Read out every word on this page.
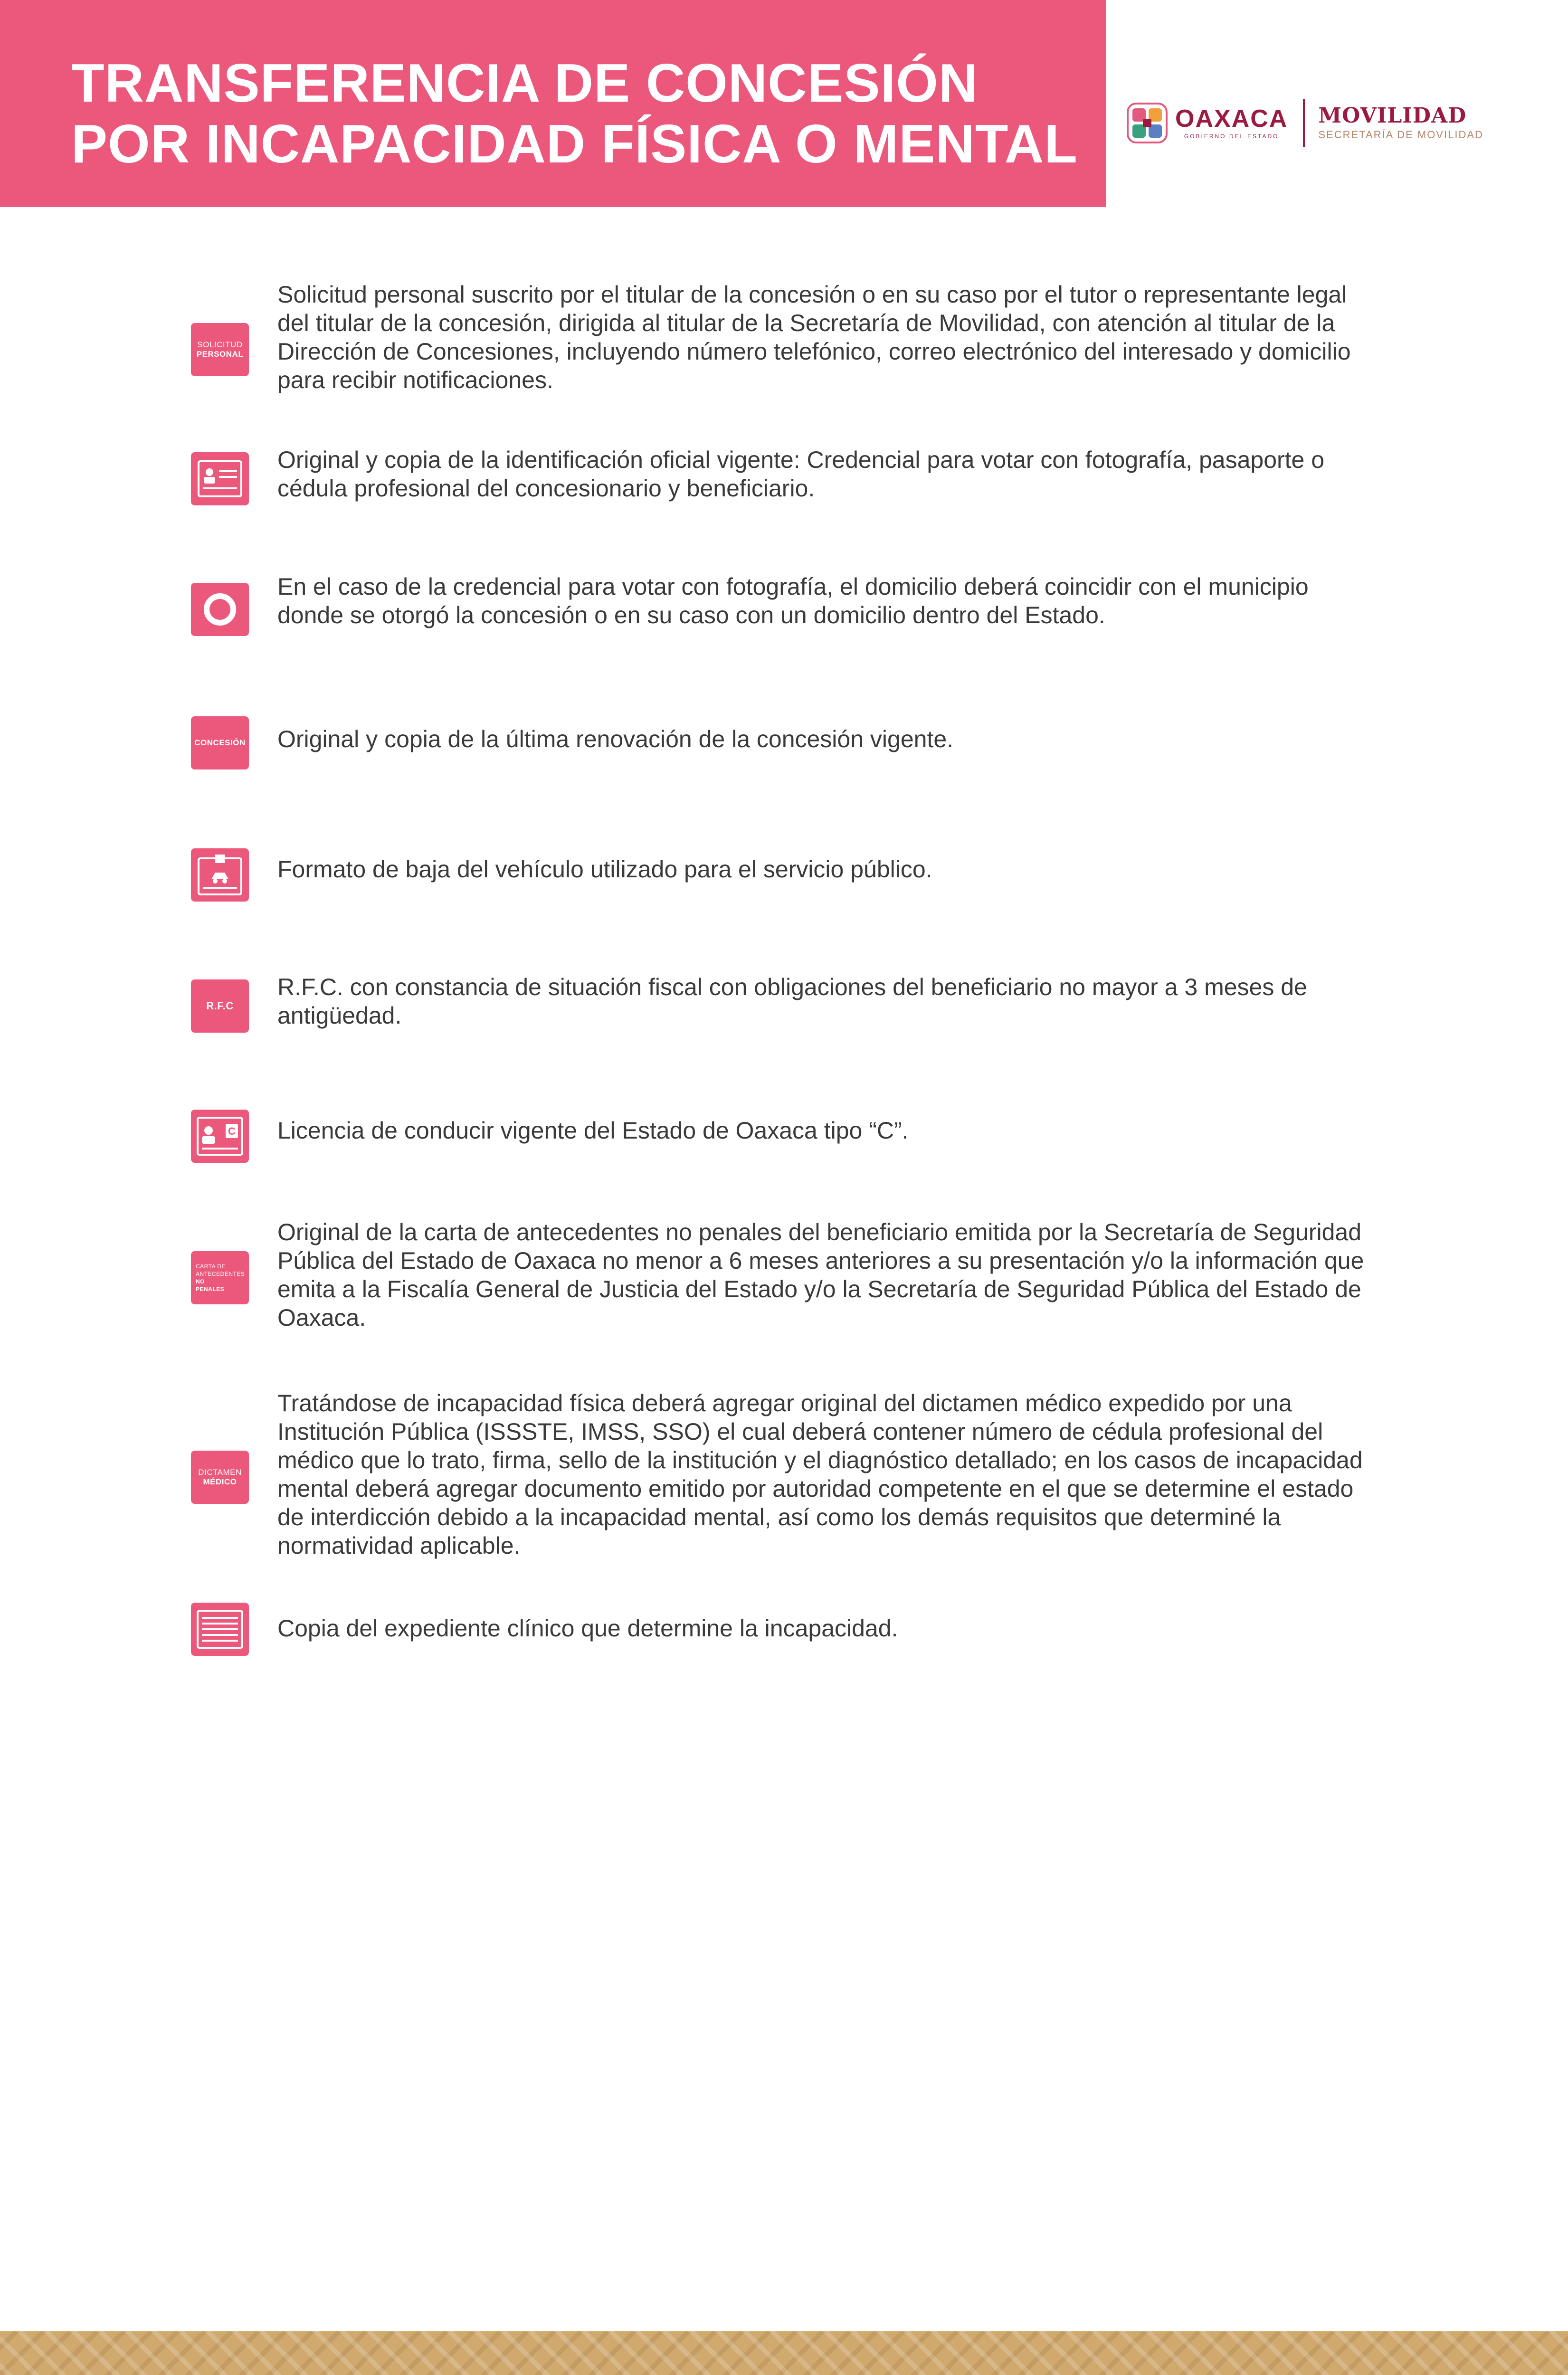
TRANSFERENCIA DE CONCESIÓN
POR INCAPACIDAD FÍSICA O MENTAL	OAXACA
GOBIERNO DEL ESTADO
MOVILIDAD
SECRETARÍA DE MOVILIDAD
SOLICITUD
PERSONAL

Solicitud personal suscrito por el titular de la concesión o en su caso por el tutor o representante legal del titular de la concesión, dirigida al titular de la Secretaría de Movilidad, con atención al titular de la Dirección de Concesiones, incluyendo número telefónico, correo electrónico del interesado y domicilio para recibir notificaciones.

Original y copia de la identificación oficial vigente: Credencial para votar con fotografía, pasaporte o cédula profesional del concesionario y beneficiario.

En el caso de la credencial para votar con fotografía, el domicilio deberá coincidir con el municipio donde se otorgó la concesión o en su caso con un domicilio dentro del Estado.

CONCESIÓN Original y copia de la última renovación de la concesión vigente.

Formato de baja del vehículo utilizado para el servicio público.

R.F.C

R.F.C. con constancia de situación fiscal con obligaciones del beneficiario no mayor a 3 meses de antigüedad.

C Licencia de conducir vigente del Estado de Oaxaca tipo “C”.

CARTA DE
ANTECEDENTES
NO
PENALES

Original de la carta de antecedentes no penales del beneficiario emitida por la Secretaría de Seguridad Pública del Estado de Oaxaca no menor a 6 meses anteriores a su presentación y/o la información que emita a la Fiscalía General de Justicia del Estado y/o la Secretaría de Seguridad Pública del Estado de Oaxaca.

DICTAMEN
MÉDICO

Tratándose de incapacidad física deberá agregar original del dictamen médico expedido por una Institución Pública (ISSSTE, IMSS, SSO) el cual deberá contener número de cédula profesional del médico que lo trato, firma, sello de la institución y el diagnóstico detallado; en los casos de incapacidad mental deberá agregar documento emitido por autoridad competente en el que se determine el estado de interdicción debido a la incapacidad mental, así como los demás requisitos que determiné la normatividad aplicable.

Copia del expediente clínico que determine la incapacidad.
